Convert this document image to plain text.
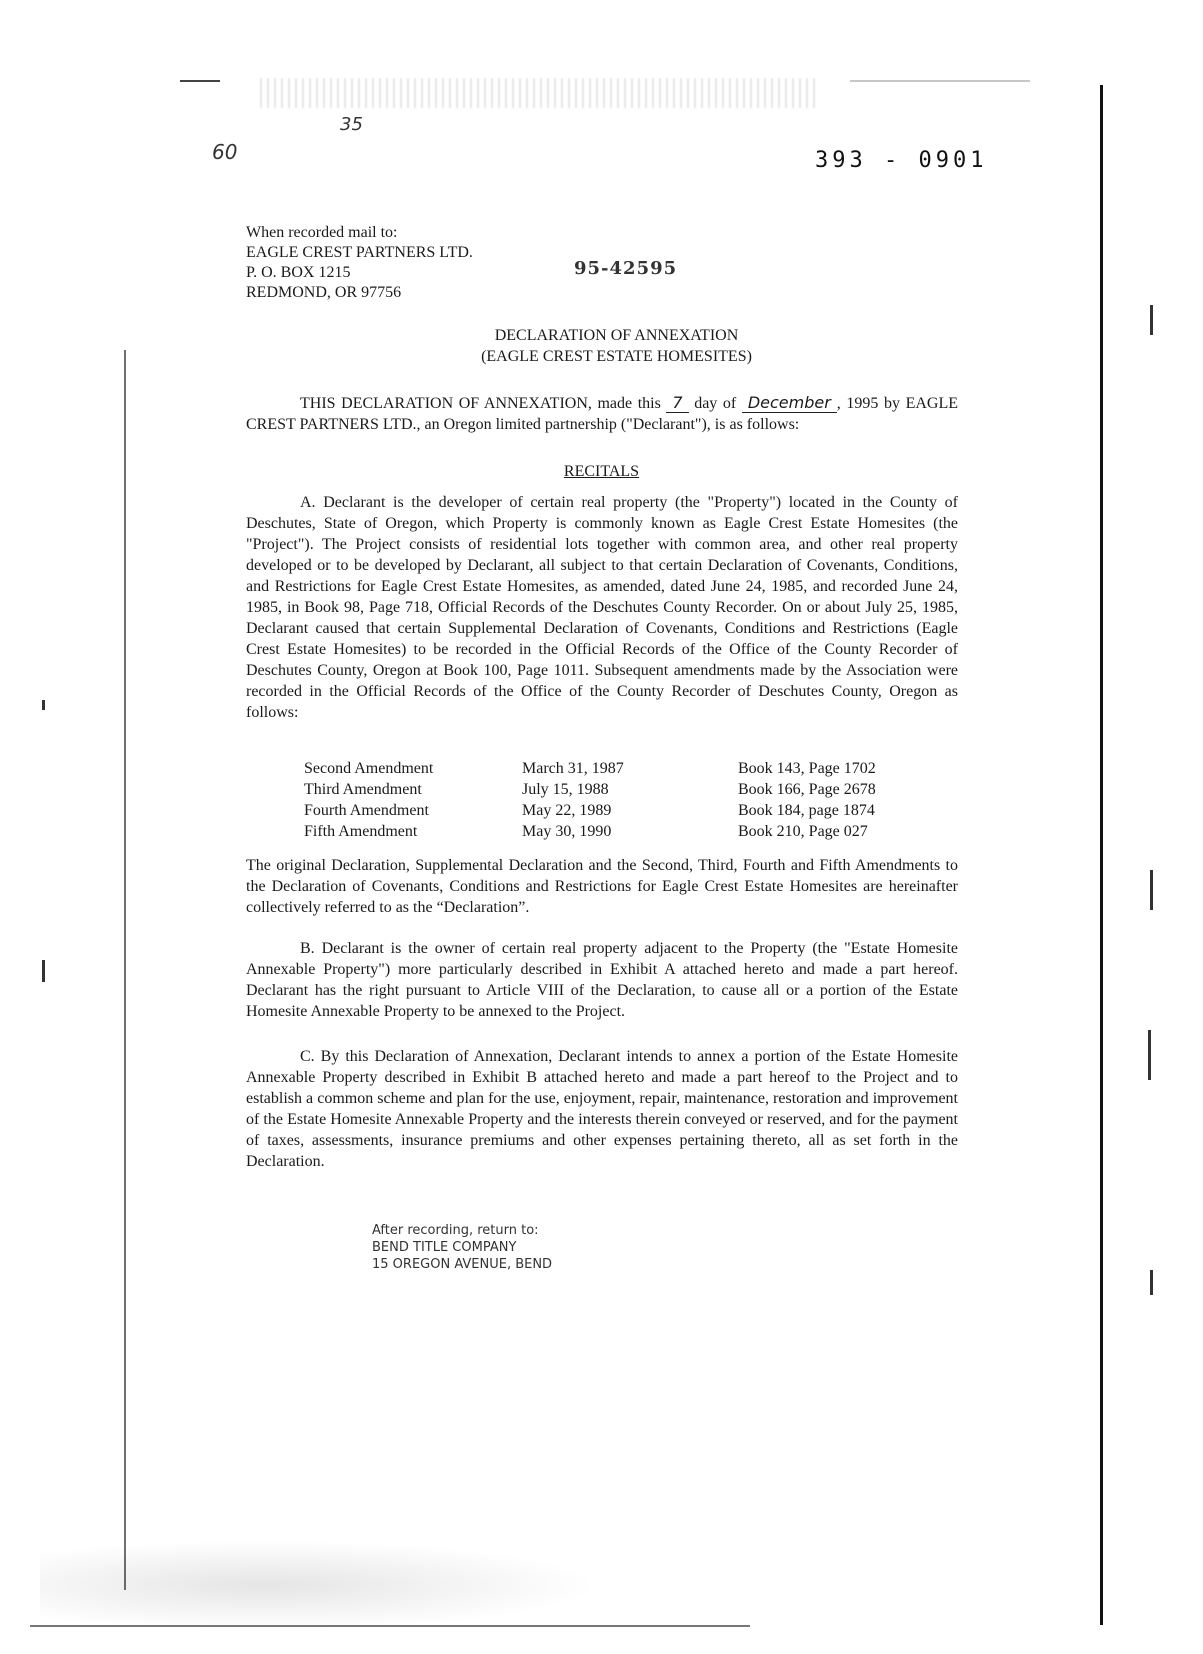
60
35
393 - 0901
95-42595
When recorded mail to:
EAGLE CREST PARTNERS LTD.
P. O. BOX 1215
REDMOND, OR 97756
DECLARATION OF ANNEXATION
(EAGLE CREST ESTATE HOMESITES)
THIS DECLARATION OF ANNEXATION, made this 7 day of December , 1995 by EAGLE CREST PARTNERS LTD., an Oregon limited partnership ("Declarant"), is as follows:
RECITALS
A. Declarant is the developer of certain real property (the "Property") located in the County of Deschutes, State of Oregon, which Property is commonly known as Eagle Crest Estate Homesites (the "Project"). The Project consists of residential lots together with common area, and other real property developed or to be developed by Declarant, all subject to that certain Declaration of Covenants, Conditions, and Restrictions for Eagle Crest Estate Homesites, as amended, dated June 24, 1985, and recorded June 24, 1985, in Book 98, Page 718, Official Records of the Deschutes County Recorder. On or about July 25, 1985, Declarant caused that certain Supplemental Declaration of Covenants, Conditions and Restrictions (Eagle Crest Estate Homesites) to be recorded in the Official Records of the Office of the County Recorder of Deschutes County, Oregon at Book 100, Page 1011. Subsequent amendments made by the Association were recorded in the Official Records of the Office of the County Recorder of Deschutes County, Oregon as follows:
Second Amendment	March 31, 1987	Book 143, Page 1702
Third Amendment	July 15, 1988	Book 166, Page 2678
Fourth Amendment	May 22, 1989	Book 184, page 1874
Fifth Amendment	May 30, 1990	Book 210, Page 027
The original Declaration, Supplemental Declaration and the Second, Third, Fourth and Fifth Amendments to the Declaration of Covenants, Conditions and Restrictions for Eagle Crest Estate Homesites are hereinafter collectively referred to as the “Declaration”.
B. Declarant is the owner of certain real property adjacent to the Property (the "Estate Homesite Annexable Property") more particularly described in Exhibit A attached hereto and made a part hereof. Declarant has the right pursuant to Article VIII of the Declaration, to cause all or a portion of the Estate Homesite Annexable Property to be annexed to the Project.
C. By this Declaration of Annexation, Declarant intends to annex a portion of the Estate Homesite Annexable Property described in Exhibit B attached hereto and made a part hereof to the Project and to establish a common scheme and plan for the use, enjoyment, repair, maintenance, restoration and improvement of the Estate Homesite Annexable Property and the interests therein conveyed or reserved, and for the payment of taxes, assessments, insurance premiums and other expenses pertaining thereto, all as set forth in the Declaration.
After recording, return to:
BEND TITLE COMPANY
15 OREGON AVENUE, BEND
